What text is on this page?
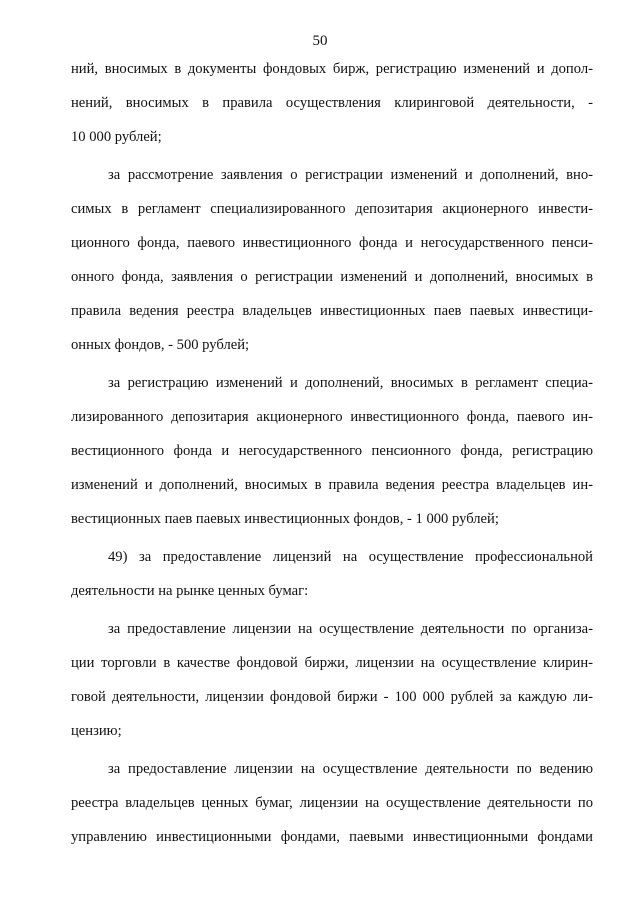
50
ний, вносимых в документы фондовых бирж, регистрацию изменений и допол-
нений, вносимых в правила осуществления клиринговой деятельности, -
10 000 рублей;
за рассмотрение заявления о регистрации изменений и дополнений, вно-
симых в регламент специализированного депозитария акционерного инвести-
ционного фонда, паевого инвестиционного фонда и негосударственного пенси-
онного фонда, заявления о регистрации изменений и дополнений, вносимых в
правила ведения реестра владельцев инвестиционных паев паевых инвестици-
онных фондов, - 500 рублей;
за регистрацию изменений и дополнений, вносимых в регламент специа-
лизированного депозитария акционерного инвестиционного фонда, паевого ин-
вестиционного фонда и негосударственного пенсионного фонда, регистрацию
изменений и дополнений, вносимых в правила ведения реестра владельцев ин-
вестиционных паев паевых инвестиционных фондов, - 1 000 рублей;
49) за предоставление лицензий на осуществление профессиональной
деятельности на рынке ценных бумаг:
за предоставление лицензии на осуществление деятельности по организа-
ции торговли в качестве фондовой биржи, лицензии на осуществление клирин-
говой деятельности, лицензии фондовой биржи - 100 000 рублей за каждую ли-
цензию;
за предоставление лицензии на осуществление деятельности по ведению
реестра владельцев ценных бумаг, лицензии на осуществление деятельности по
управлению инвестиционными фондами, паевыми инвестиционными фондами
